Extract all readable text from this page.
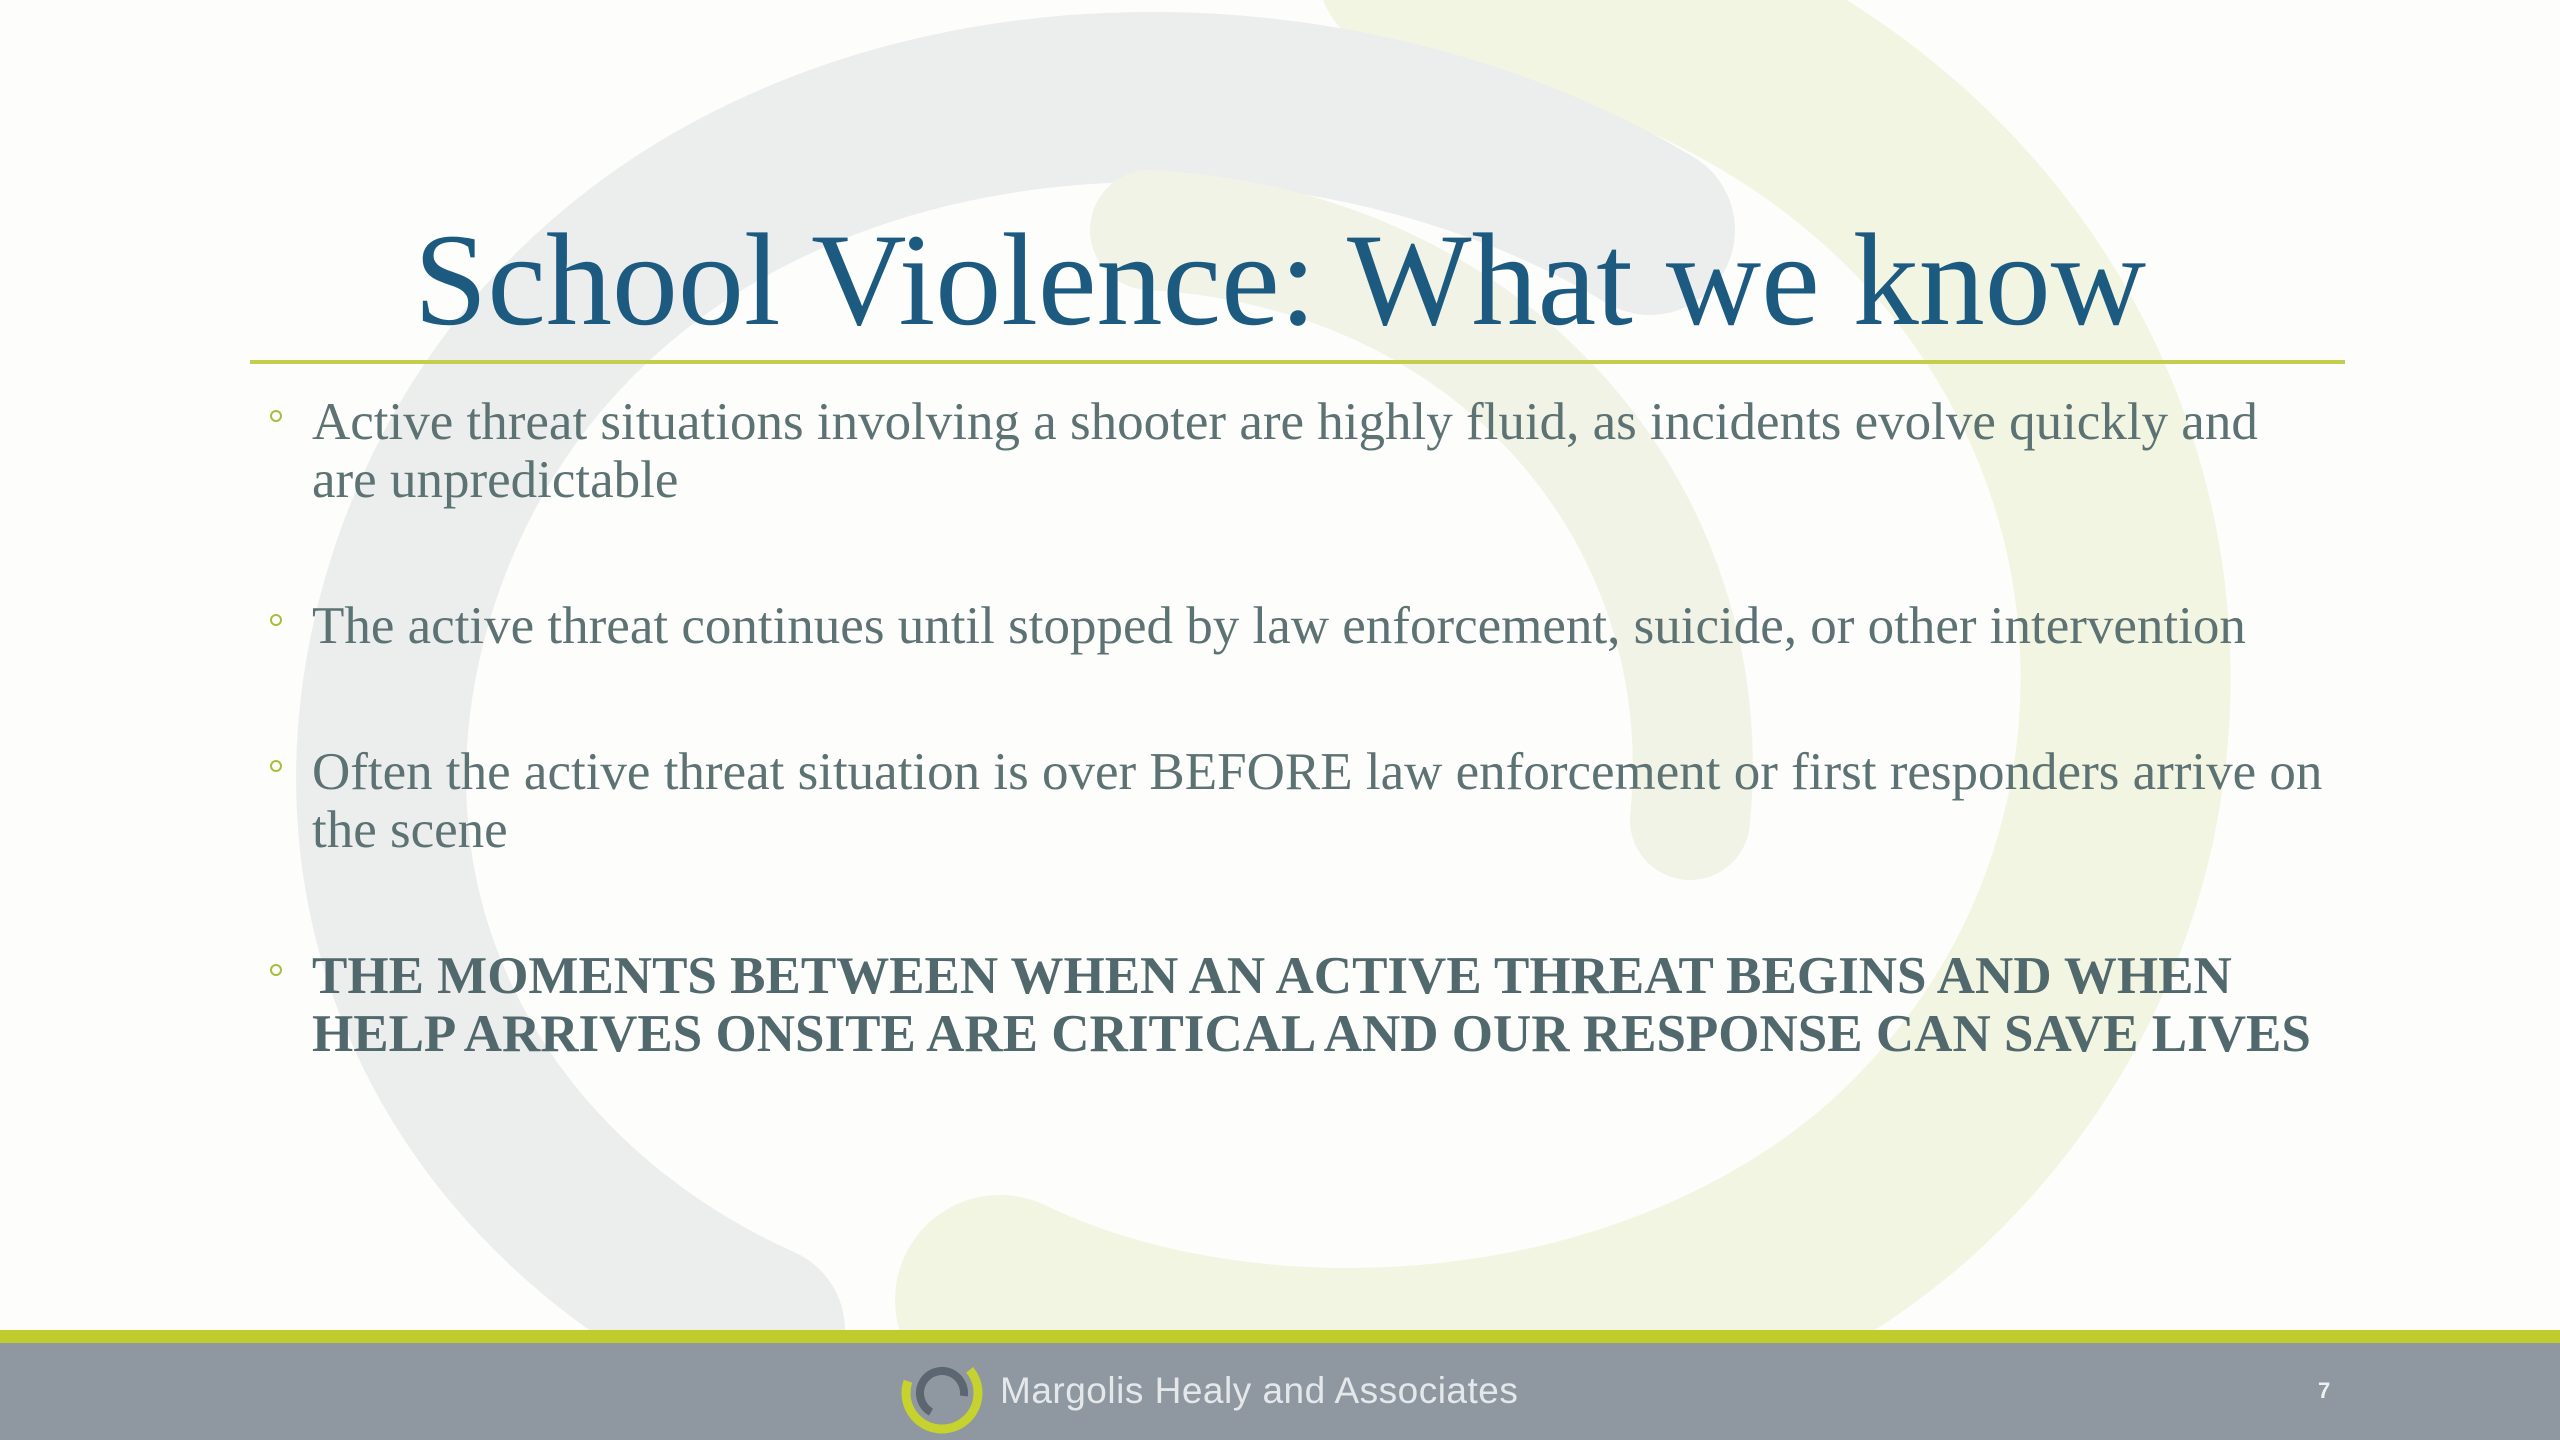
School Violence: What we know
Active threat situations involving a shooter are highly fluid, as incidents evolve quickly and are unpredictable
The active threat continues until stopped by law enforcement, suicide, or other intervention
Often the active threat situation is over BEFORE law enforcement or first responders arrive on the scene
THE MOMENTS BETWEEN WHEN AN ACTIVE THREAT BEGINS AND WHEN HELP ARRIVES ONSITE ARE CRITICAL AND OUR RESPONSE CAN SAVE LIVES
Margolis Healy and Associates	7
